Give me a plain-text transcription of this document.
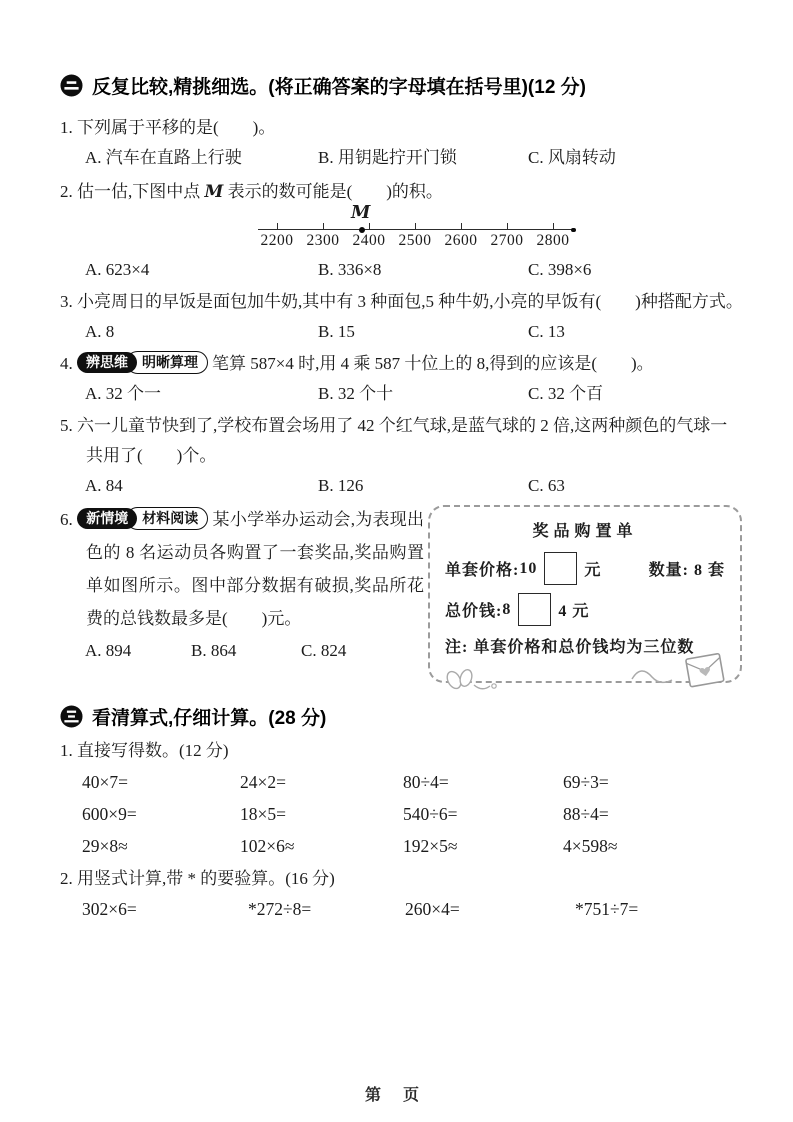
反复比较,精挑细选。(将正确答案的字母填在括号里)(12 分)
1. 下列属于平移的是(　　)。
A. 汽车在直路上行驶	B. 用钥匙拧开门锁	C. 风扇转动
2. 估一估,下图中点 M 表示的数可能是(　　)的积。
M
2200 2300 2400 2500 2600 2700 2800
A. 623×4	B. 336×8	C. 398×6
3. 小亮周日的早饭是面包加牛奶,其中有 3 种面包,5 种牛奶,小亮的早饭有(　　)种搭配方式。
A. 8	B. 15	C. 13
4. 辨思维 明晰算理 笔算 587×4 时,用 4 乘 587 十位上的 8,得到的应该是(　　)。
A. 32 个一	B. 32 个十	C. 32 个百
5. 六一儿童节快到了,学校布置会场用了 42 个红气球,是蓝气球的 2 倍,这两种颜色的气球一共用了(　　)个。
A. 84	B. 126	C. 63
6. 新情境 材料阅读 某小学举办运动会,为表现出色的 8 名运动员各购置了一套奖品,奖品购置单如图所示。图中部分数据有破损,奖品所花费的总钱数最多是(　　)元。
A. 894	B. 864	C. 824
奖品购置单
单套价格: 10	元	数量: 8 套
总价钱: 8	4 元
注: 单套价格和总价钱均为三位数
看清算式,仔细计算。(28 分)
1. 直接写得数。(12 分)
40×7=	24×2=	80÷4=	69÷3=
600×9=	18×5=	540÷6=	88÷4=
29×8≈	102×6≈	192×5≈	4×598≈
2. 用竖式计算,带 * 的要验算。(16 分)
302×6=	*272÷8=	260×4=	*751÷7=
第 页
